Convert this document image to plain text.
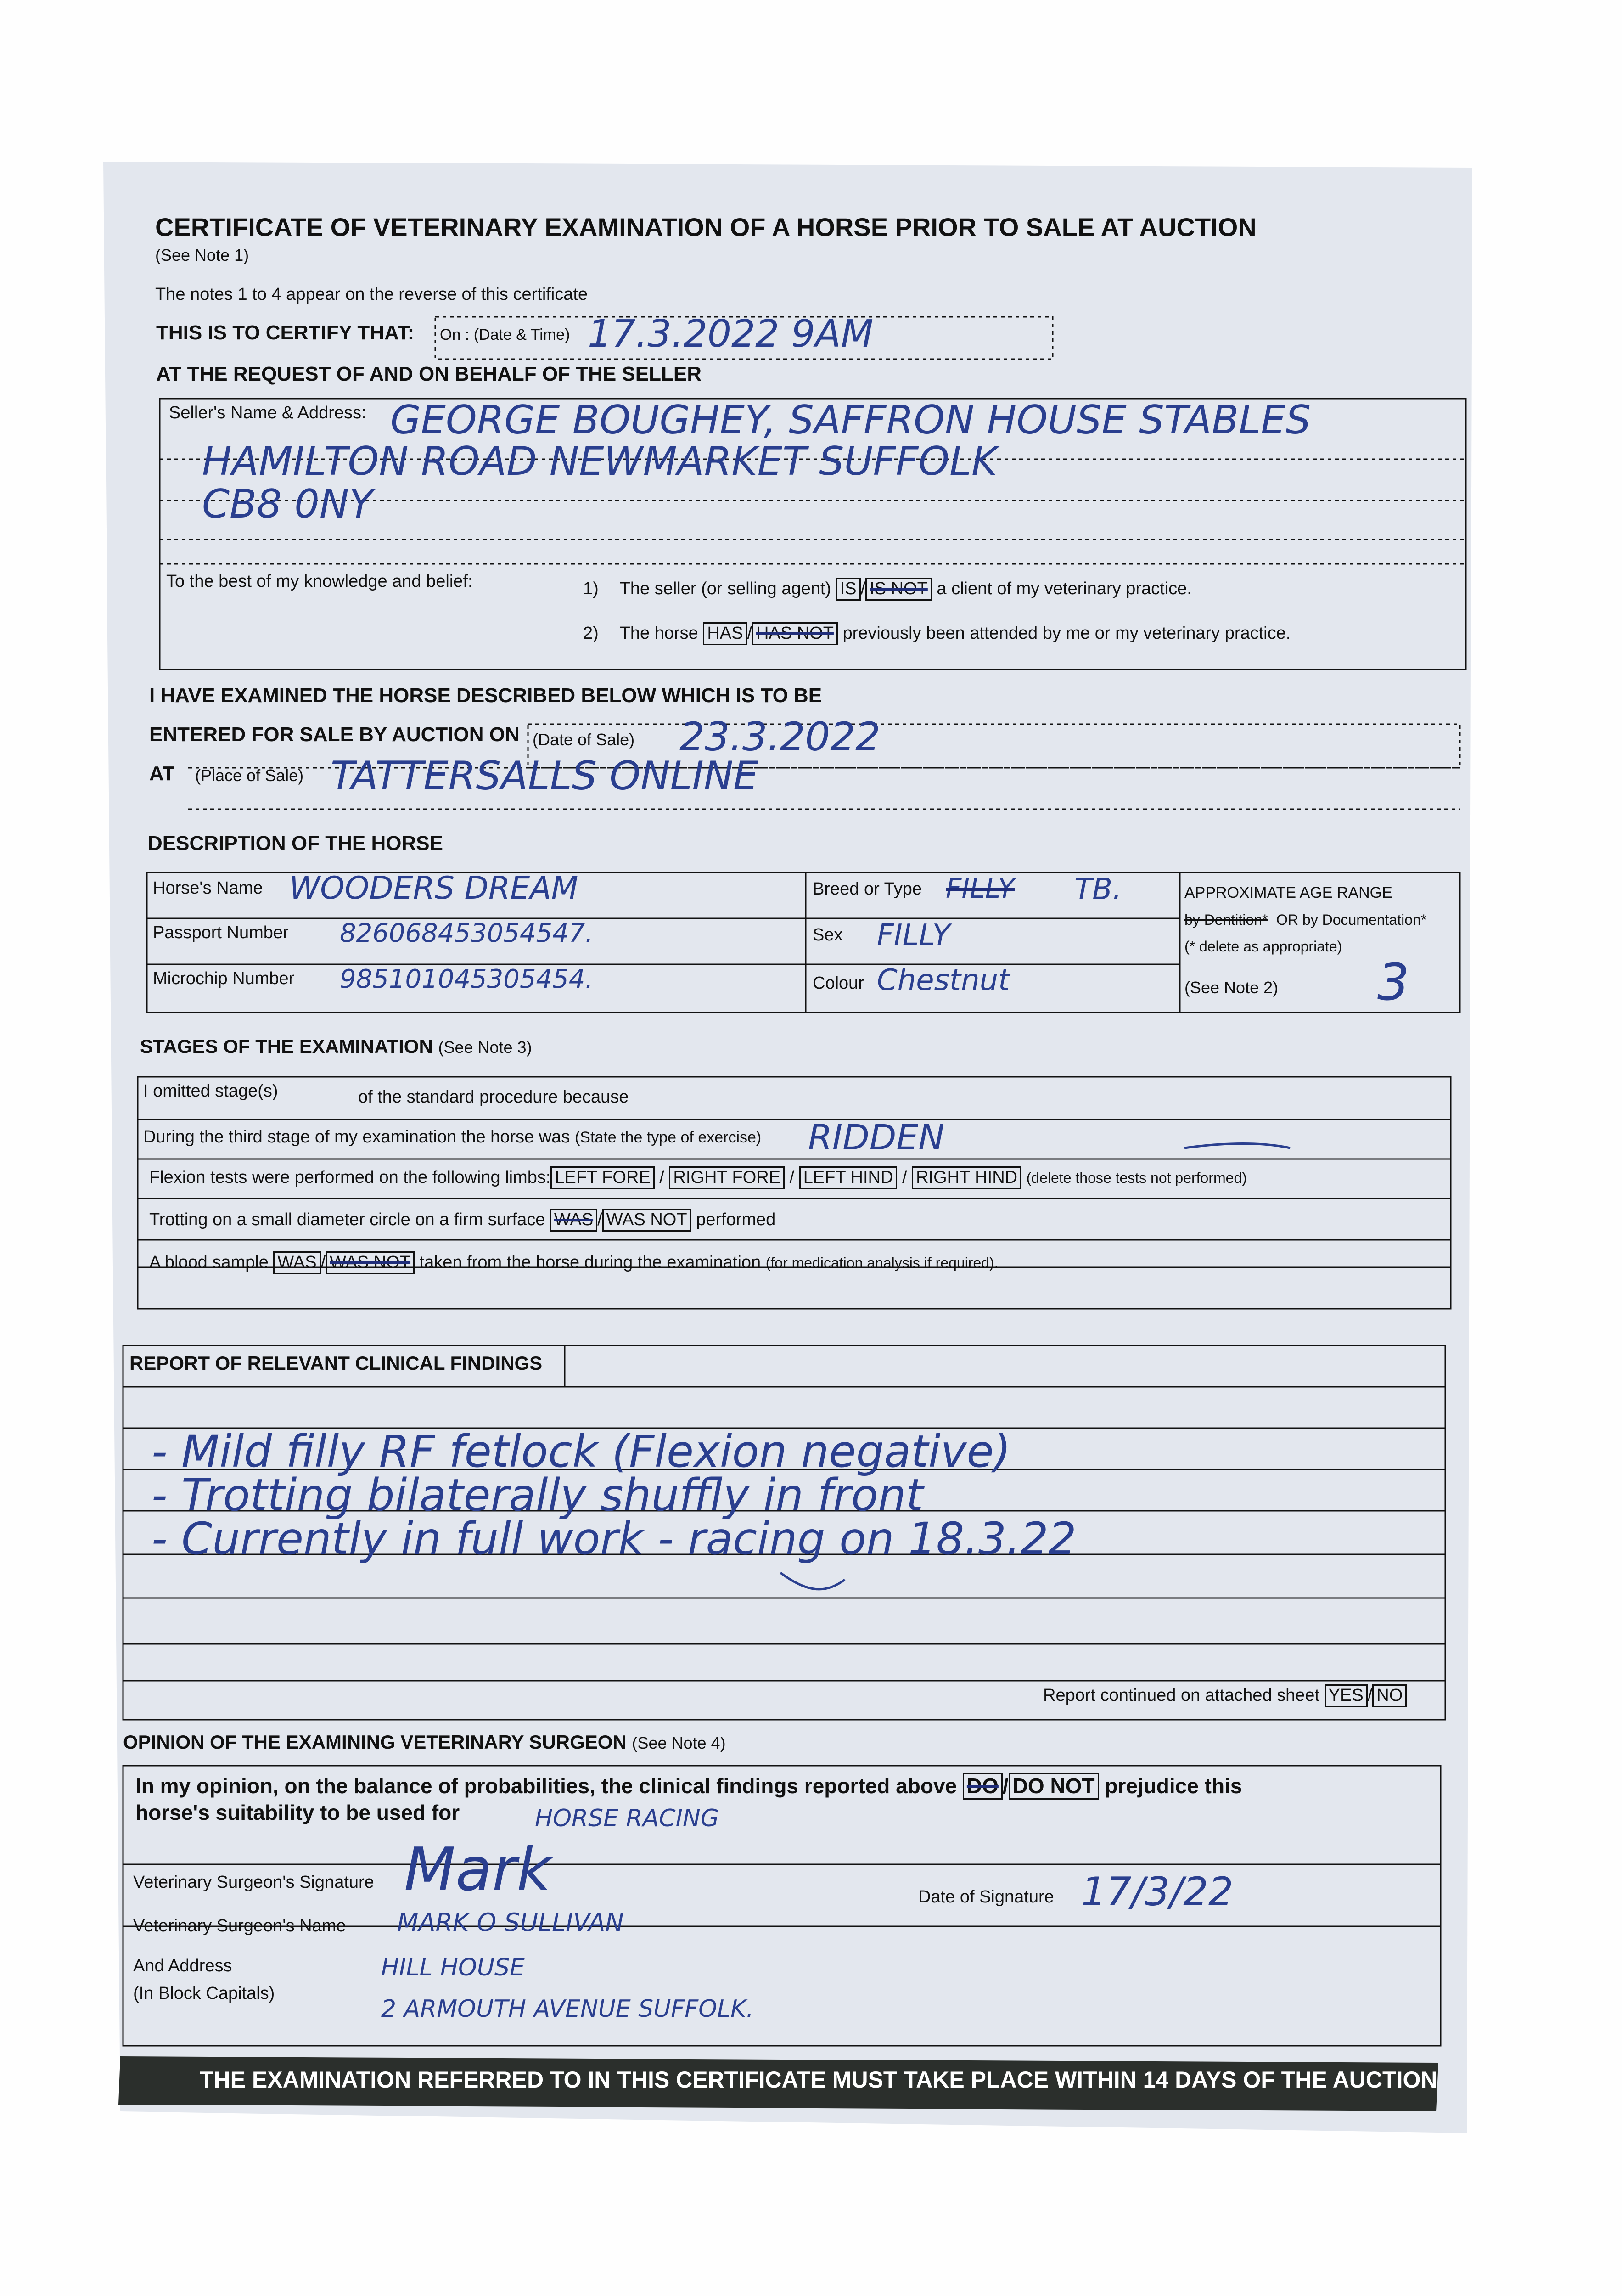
CERTIFICATE OF VETERINARY EXAMINATION OF A HORSE PRIOR TO SALE AT AUCTION
(See Note 1)
The notes 1 to 4 appear on the reverse of this certificate
THIS IS TO CERTIFY THAT: On : (Date & Time) 17.3.2022 9AM
AT THE REQUEST OF AND ON BEHALF OF THE SELLER
Seller's Name & Address: GEORGE BOUGHEY, SAFFRON HOUSE STABLES
HAMILTON ROAD NEWMARKET SUFFOLK
CB8 0NY
To the best of my knowledge and belief:	1) The seller (or selling agent) IS / IS NOT a client of my veterinary practice.
2) The horse HAS / HAS NOT previously been attended by me or my veterinary practice.
I HAVE EXAMINED THE HORSE DESCRIBED BELOW WHICH IS TO BE
ENTERED FOR SALE BY AUCTION ON (Date of Sale) 23.3.2022
AT (Place of Sale) TATTERSALLS ONLINE
DESCRIPTION OF THE HORSE
Horse's Name WOODERS DREAM
Passport Number 826068453054547.
Microchip Number 985101045305454.
Breed or Type FILLY TB.
Sex FILLY
Colour Chestnut
APPROXIMATE AGE RANGE
by Dentition* OR by Documentation*
(* delete as appropriate)
(See Note 2) 3
STAGES OF THE EXAMINATION (See Note 3)
I omitted stage(s)	of the standard procedure because
During the third stage of my examination the horse was (State the type of exercise) RIDDEN
Flexion tests were performed on the following limbs: LEFT FORE / RIGHT FORE / LEFT HIND / RIGHT HIND (delete those tests not performed)
Trotting on a small diameter circle on a firm surface WAS / WAS NOT performed
A blood sample WAS / WAS NOT taken from the horse during the examination (for medication analysis if required).
REPORT OF RELEVANT CLINICAL FINDINGS
- Mild filly RF fetlock (Flexion negative)
- Trotting bilaterally shuffly in front
- Currently in full work - racing on 18.3.22
Report continued on attached sheet YES / NO
OPINION OF THE EXAMINING VETERINARY SURGEON (See Note 4)
In my opinion, on the balance of probabilities, the clinical findings reported above DO / DO NOT prejudice this
horse's suitability to be used for	HORSE RACING
Veterinary Surgeon's Signature Mark	Date of Signature 17/3/22
Veterinary Surgeon's Name MARK O SULLIVAN
And Address
(In Block Capitals)
HILL HOUSE
2 ARMOUTH AVENUE SUFFOLK.
THE EXAMINATION REFERRED TO IN THIS CERTIFICATE MUST TAKE PLACE WITHIN 14 DAYS OF THE AUCTION
